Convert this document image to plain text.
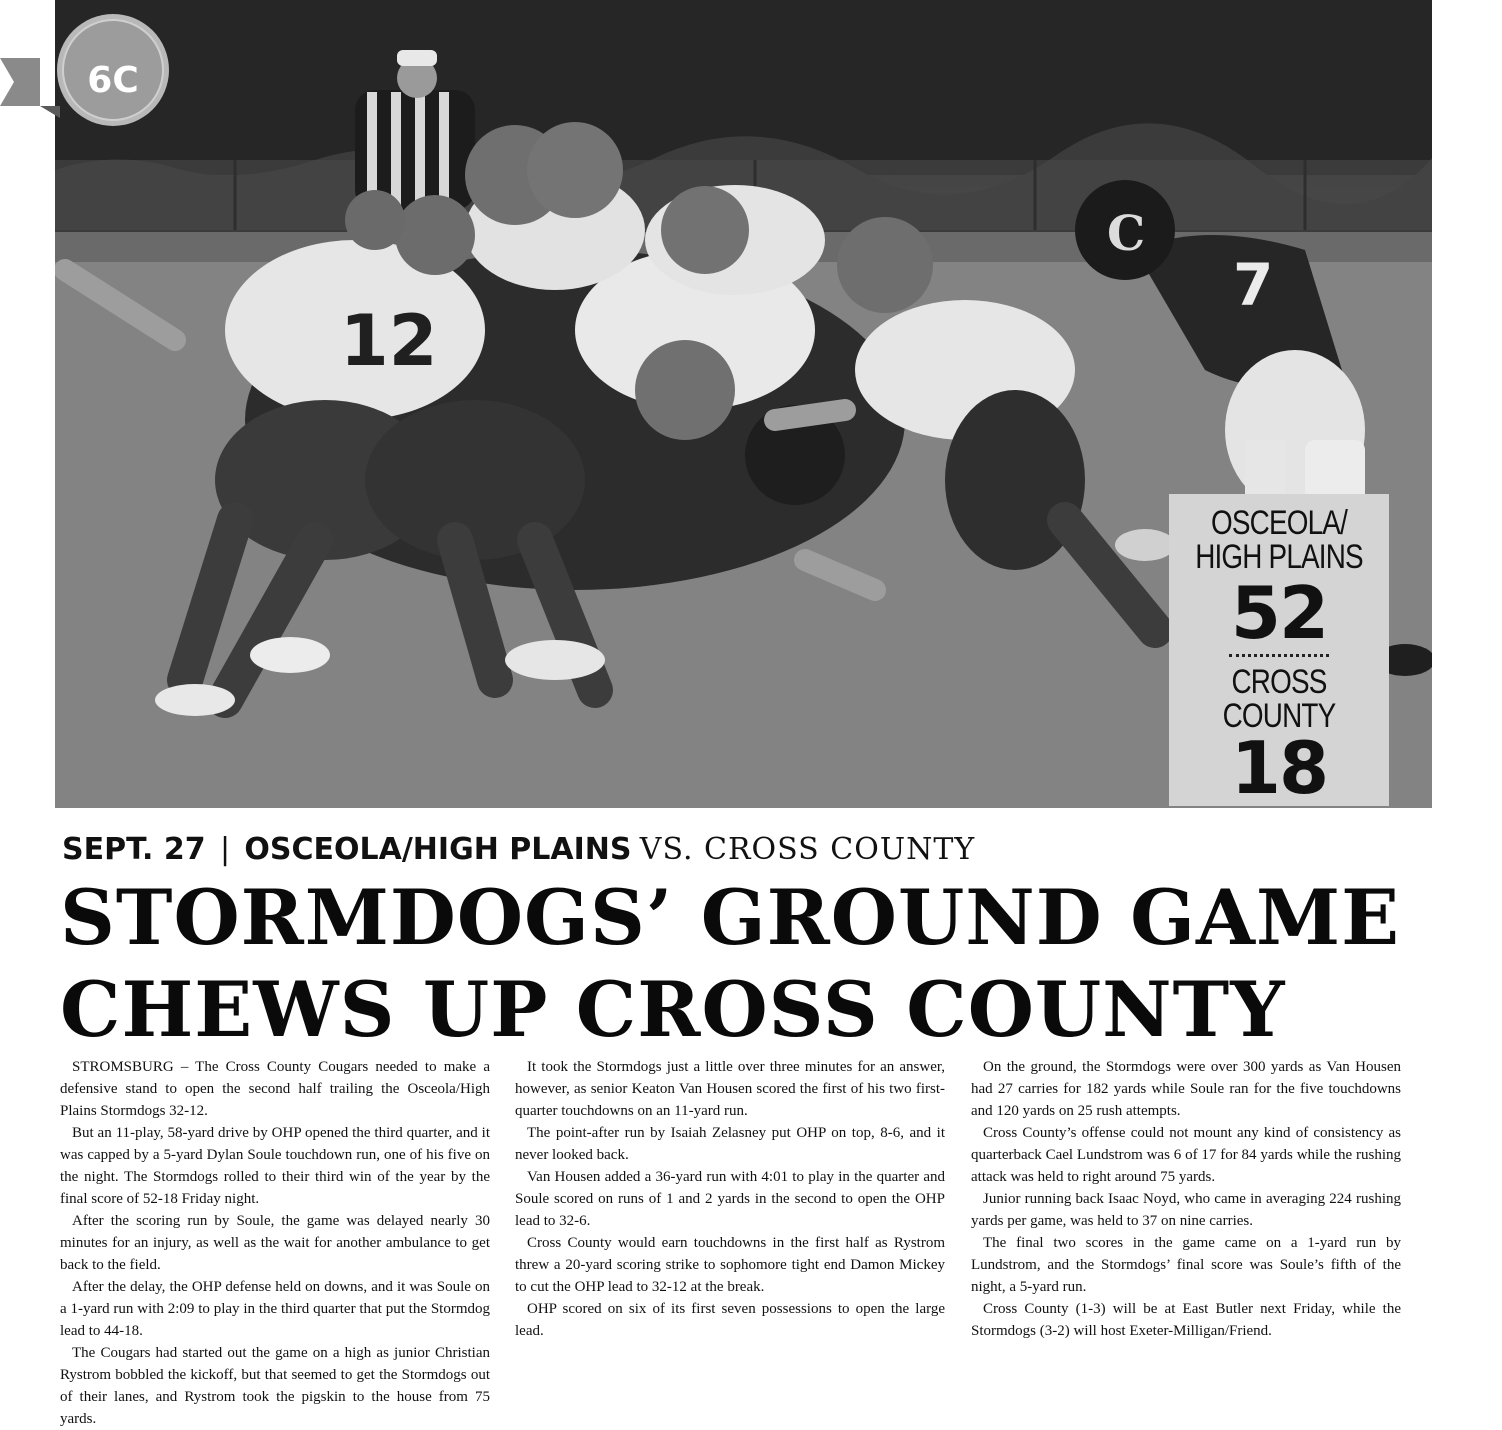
12
C
7
6C
OSCEOLA/
HIGH PLAINS
52
CROSS COUNTY
18
SEPT. 27 | OSCEOLA/HIGH PLAINS VS. CROSS COUNTY
STORMDOGS’ GROUND GAME
CHEWS UP CROSS COUNTY

STROMSBURG – The Cross County Cougars needed to make a defensive stand to open the second half trailing the Osceola/High Plains Stormdogs 32-12.

But an 11-play, 58-yard drive by OHP opened the third quarter, and it was capped by a 5-yard Dylan Soule touchdown run, one of his five on the night. The Stormdogs rolled to their third win of the year by the final score of 52-18 Friday night.

After the scoring run by Soule, the game was delayed nearly 30 minutes for an injury, as well as the wait for another ambulance to get back to the field.

After the delay, the OHP defense held on downs, and it was Soule on a 1-yard run with 2:09 to play in the third quarter that put the Stormdog lead to 44-18.

The Cougars had started out the game on a high as junior Christian Rystrom bobbled the kickoff, but that seemed to get the Stormdogs out of their lanes, and Rystrom took the pigskin to the house from 75 yards.

It took the Stormdogs just a little over three minutes for an answer, however, as senior Keaton Van Housen scored the first of his two first-quarter touchdowns on an 11-yard run.

The point-after run by Isaiah Zelasney put OHP on top, 8-6, and it never looked back.

Van Housen added a 36-yard run with 4:01 to play in the quarter and Soule scored on runs of 1 and 2 yards in the second to open the OHP lead to 32-6.

Cross County would earn touchdowns in the first half as Rystrom threw a 20-yard scoring strike to sophomore tight end Damon Mickey to cut the OHP lead to 32-12 at the break.

OHP scored on six of its first seven possessions to open the large lead.

On the ground, the Stormdogs were over 300 yards as Van Housen had 27 carries for 182 yards while Soule ran for the five touchdowns and 120 yards on 25 rush attempts.

Cross County’s offense could not mount any kind of consistency as quarterback Cael Lundstrom was 6 of 17 for 84 yards while the rushing attack was held to right around 75 yards.

Junior running back Isaac Noyd, who came in averaging 224 rushing yards per game, was held to 37 on nine carries.

The final two scores in the game came on a 1-yard run by Lundstrom, and the Stormdogs’ final score was Soule’s fifth of the night, a 5-yard run.

Cross County (1-3) will be at East Butler next Friday, while the Stormdogs (3-2) will host Exeter-Milligan/Friend.
